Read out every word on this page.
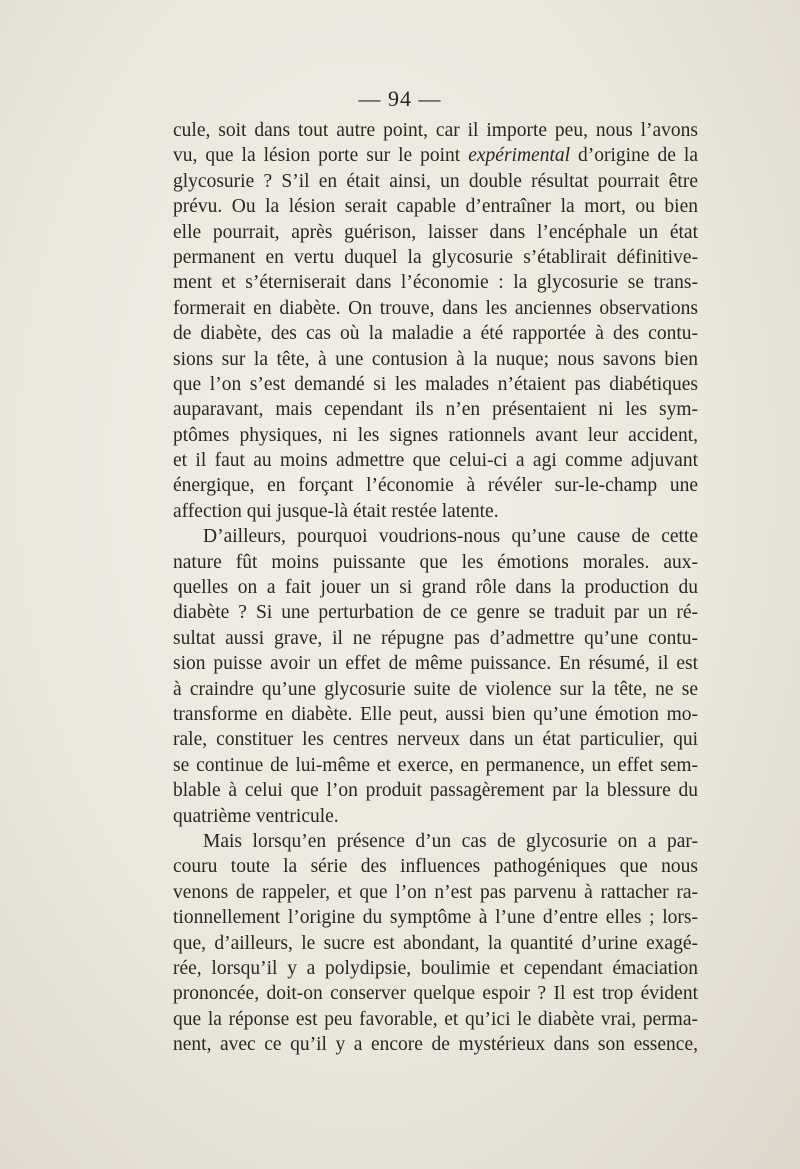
— 94 —
cule, soit dans tout autre point, car il importe peu, nous l’avons
vu, que la lésion porte sur le point expérimental d’origine de la
glycosurie ? S’il en était ainsi, un double résultat pourrait être
prévu. Ou la lésion serait capable d’entraîner la mort, ou bien
elle pourrait, après guérison, laisser dans l’encéphale un état
permanent en vertu duquel la glycosurie s’établirait définitive-
ment et s’éterniserait dans l’économie : la glycosurie se trans-
formerait en diabète. On trouve, dans les anciennes observations
de diabète, des cas où la maladie a été rapportée à des contu-
sions sur la tête, à une contusion à la nuque; nous savons bien
que l’on s’est demandé si les malades n’étaient pas diabétiques
auparavant, mais cependant ils n’en présentaient ni les sym-
ptômes physiques, ni les signes rationnels avant leur accident,
et il faut au moins admettre que celui-ci a agi comme adjuvant
énergique, en forçant l’économie à révéler sur-le-champ une
affection qui jusque-là était restée latente.
D’ailleurs, pourquoi voudrions-nous qu’une cause de cette
nature fût moins puissante que les émotions morales. aux-
quelles on a fait jouer un si grand rôle dans la production du
diabète ? Si une perturbation de ce genre se traduit par un ré-
sultat aussi grave, il ne répugne pas d’admettre qu’une contu-
sion puisse avoir un effet de même puissance. En résumé, il est
à craindre qu’une glycosurie suite de violence sur la tête, ne se
transforme en diabète. Elle peut, aussi bien qu’une émotion mo-
rale, constituer les centres nerveux dans un état particulier, qui
se continue de lui-même et exerce, en permanence, un effet sem-
blable à celui que l’on produit passagèrement par la blessure du
quatrième ventricule.
Mais lorsqu’en présence d’un cas de glycosurie on a par-
couru toute la série des influences pathogéniques que nous
venons de rappeler, et que l’on n’est pas parvenu à rattacher ra-
tionnellement l’origine du symptôme à l’une d’entre elles ; lors-
que, d’ailleurs, le sucre est abondant, la quantité d’urine exagé-
rée, lorsqu’il y a polydipsie, boulimie et cependant émaciation
prononcée, doit-on conserver quelque espoir ? Il est trop évident
que la réponse est peu favorable, et qu’ici le diabète vrai, perma-
nent, avec ce qu’il y a encore de mystérieux dans son essence,
